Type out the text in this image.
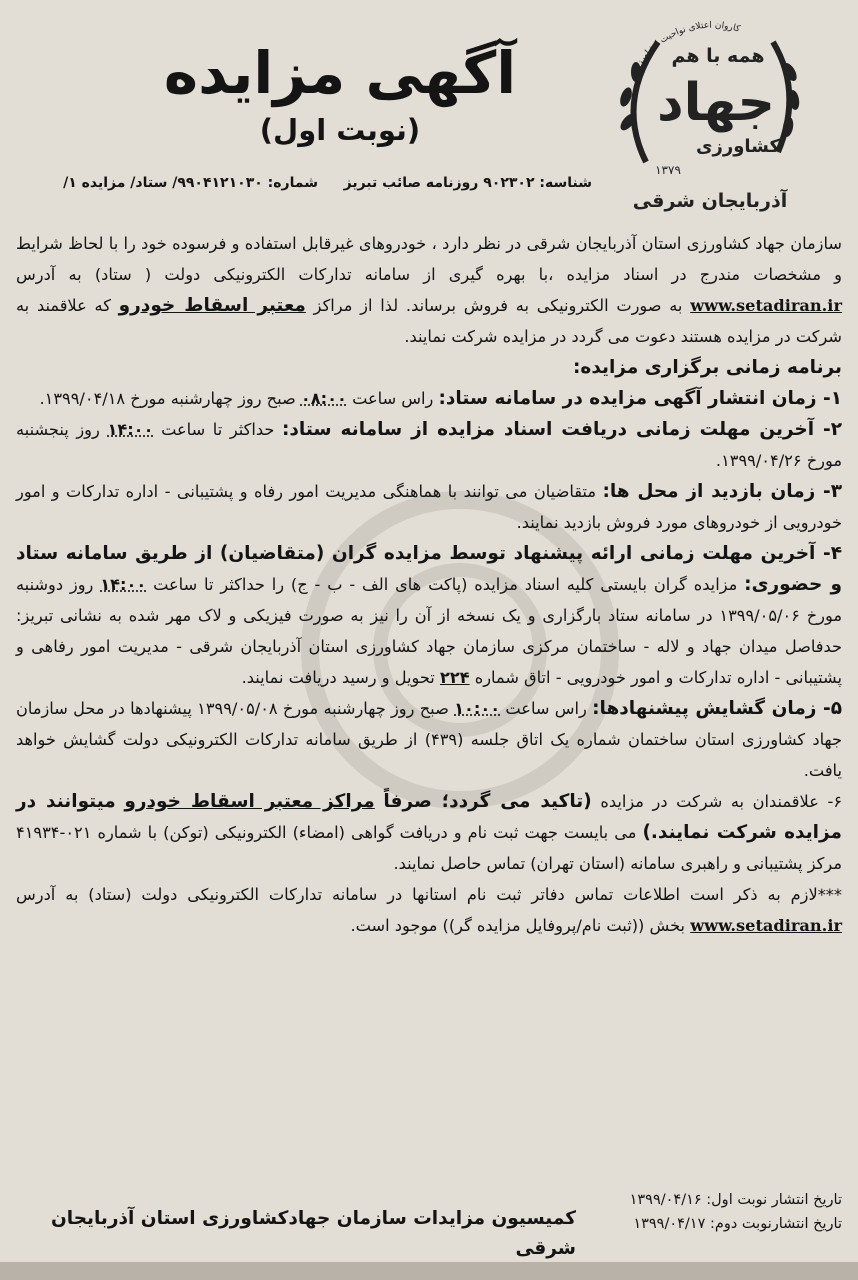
آگهی مزایده
(نوبت اول)
کاروان اعتلای نواحیت کشاورزی
همه با هم
جهاد
کشاورزی
۱۳۷۹
آذربایجان شرقی
شناسه: ۹۰۲۳۰۲ روزنامه صائب تبریز
شماره: ۹۹۰۴۱۲۱۰۳۰/ ستاد/ مزایده ۱/

سازمان جهاد کشاورزی استان آذربایجان شرقی در نظر دارد ، خودروهای غیرقابل استفاده و فرسوده خود را با لحاظ شرایط و مشخصات مندرج در اسناد مزایده ،با بهره گیری از سامانه تدارکات الکترونیکی دولت ( ستاد) به آدرس www.setadiran.ir به صورت الکترونیکی به فروش برساند. لذا از مراکز معتبر اسقاط خودرو که علاقمند به شرکت در مزایده هستند دعوت می گردد در مزایده شرکت نمایند.

برنامه زمانی برگزاری مزایده:

۱- زمان انتشار آگهی مزایده در سامانه ستاد: راس ساعت ۰۸:۰۰ صبح روز چهارشنبه مورخ ۱۳۹۹/۰۴/۱۸.

۲- آخرین مهلت زمانی دریافت اسناد مزایده از سامانه ستاد: حداکثر تا ساعت ۱۴:۰۰ روز پنجشنبه مورخ ۱۳۹۹/۰۴/۲۶.

۳- زمان بازدید از محل ها: متقاضیان می توانند با هماهنگی مدیریت امور رفاه و پشتیبانی - اداره تدارکات و امور خودرویی از خودروهای مورد فروش بازدید نمایند.

۴- آخرین مهلت زمانی ارائه پیشنهاد توسط مزایده گران (متقاضیان) از طریق سامانه ستاد و حضوری: مزایده گران بایستی کلیه اسناد مزایده (پاکت های الف - ب - ج) را حداکثر تا ساعت ۱۴:۰۰ روز دوشنبه مورخ ۱۳۹۹/۰۵/۰۶ در سامانه ستاد بارگزاری و یک نسخه از آن را نیز به صورت فیزیکی و لاک مهر شده به نشانی تبریز: حدفاصل میدان جهاد و لاله - ساختمان مرکزی سازمان جهاد کشاورزی استان آذربایجان شرقی - مدیریت امور رفاهی و پشتیبانی - اداره تدارکات و امور خودرویی - اتاق شماره ۲۲۴ تحویل و رسید دریافت نمایند.

۵- زمان گشایش پیشنهادها: راس ساعت ۱۰:۰۰ صبح روز چهارشنبه مورخ ۱۳۹۹/۰۵/۰۸ پیشنهادها در محل سازمان جهاد کشاورزی استان ساختمان شماره یک اتاق جلسه (۴۳۹) از طریق سامانه تدارکات الکترونیکی دولت گشایش خواهد یافت.

۶- علاقمندان به شرکت در مزایده (تاکید می گردد؛ صرفاً مراکز معتبر اسقاط خودرو میتوانند در مزایده شرکت نمایند.) می بایست جهت ثبت نام و دریافت گواهی (امضاء) الکترونیکی (توکن) با شماره ۰۲۱-۴۱۹۳۴ مرکز پشتیبانی و راهبری سامانه (استان تهران) تماس حاصل نمایند.

***لازم به ذکر است اطلاعات تماس دفاتر ثبت نام استانها در سامانه تدارکات الکترونیکی دولت (ستاد) به آدرس www.setadiran.ir بخش ((ثبت نام/پروفایل مزایده گر)) موجود است.

تاریخ انتشار نوبت اول: ۱۳۹۹/۰۴/۱۶
تاریخ انتشارنوبت دوم: ۱۳۹۹/۰۴/۱۷
کمیسیون مزایدات سازمان جهادکشاورزی استان آذربایجان شرقی
